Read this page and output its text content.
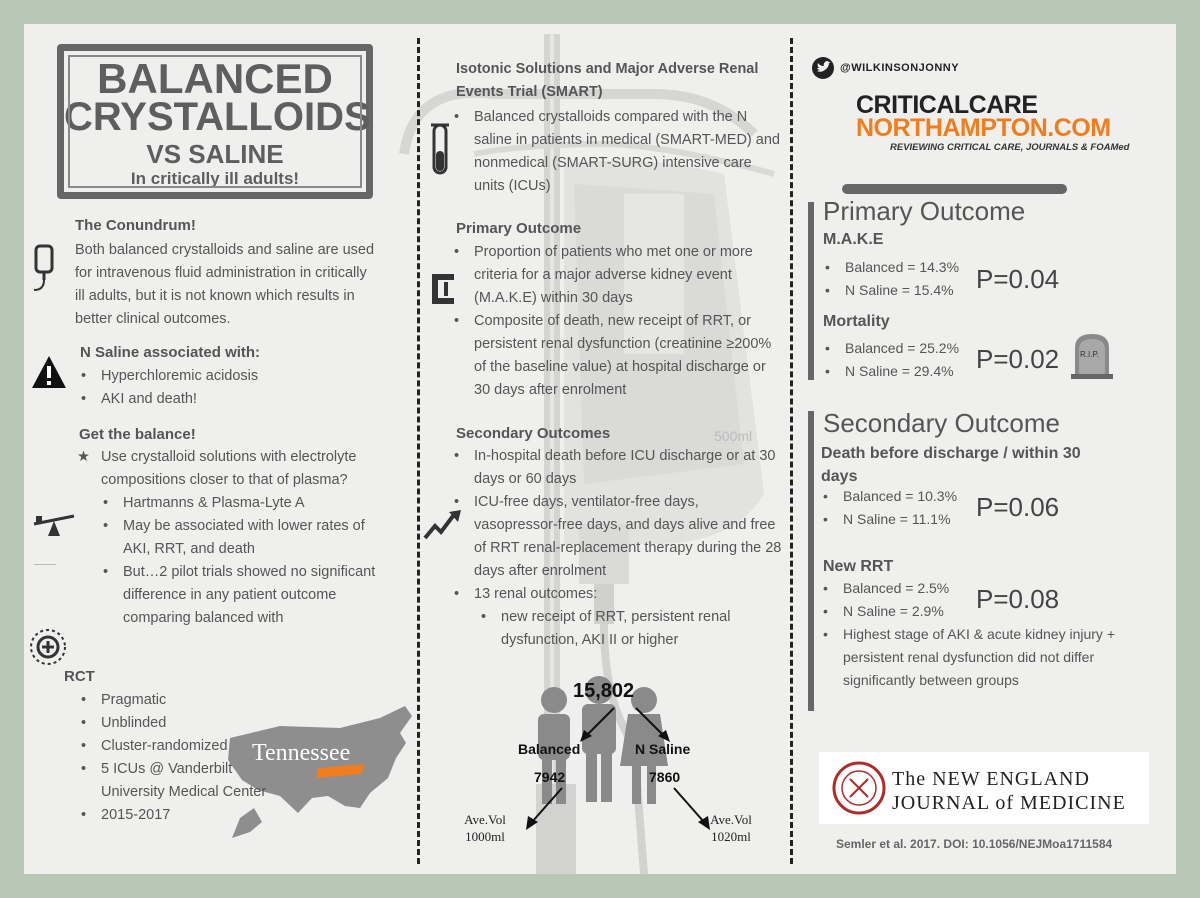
500ml
BALANCED
CRYSTALLOIDS
VS SALINE
In critically ill adults!
The Conundrum!
Both balanced crystalloids and saline are used for intravenous fluid administration in critically ill adults, but it is not known which results in better clinical outcomes.
N Saline associated with:
• Hyperchloremic acidosis
• AKI and death!
Get the balance!
★ Use crystalloid solutions with electrolyte compositions closer to that of plasma?
• Hartmanns & Plasma-Lyte A
• May be associated with lower rates of AKI, RRT, and death
• But…2 pilot trials showed no significant difference in any patient outcome comparing balanced with
RCT
Tennessee
• Pragmatic
• Unblinded
• Cluster-randomized
• 5 ICUs @ Vanderbilt University Medical Center
• 2015-2017
Isotonic Solutions and Major Adverse Renal Events Trial (SMART)
• Balanced crystalloids compared with the N saline in patients in medical (SMART-MED) and nonmedical (SMART-SURG) intensive care units (ICUs)
Primary Outcome
• Proportion of patients who met one or more criteria for a major adverse kidney event (M.A.K.E) within 30 days
• Composite of death, new receipt of RRT, or persistent renal dysfunction (creatinine ≥200% of the baseline value) at hospital discharge or 30 days after enrolment
Secondary Outcomes
• In-hospital death before ICU discharge or at 30 days or 60 days
• ICU-free days, ventilator-free days, vasopressor-free days, and days alive and free of RRT renal-replacement therapy during the 28 days after enrolment
• 13 renal outcomes:
• new receipt of RRT, persistent renal dysfunction, AKI II or higher
15,802
Balanced
7942
N Saline
7860
Ave.Vol
1000ml
Ave.Vol
1020ml
@WILKINSONJONNY
CRITICALCARE
NORTHAMPTON.COM
REVIEWING CRITICAL CARE, JOURNALS & FOAMed
Primary Outcome
M.A.K.E
• Balanced = 14.3%
• N Saline = 15.4% P=0.04
Mortality
• Balanced = 25.2%
• N Saline = 29.4% P=0.02	R.I.P.
Secondary Outcome
Death before discharge / within 30 days
• Balanced = 10.3%
• N Saline = 11.1% P=0.06
New RRT
• Balanced = 2.5%
• N Saline = 2.9%
• Highest stage of AKI & acute kidney injury + persistent renal dysfunction did not differ significantly between groups
P=0.08
The NEW ENGLAND
JOURNAL of MEDICINE
Semler et al. 2017. DOI: 10.1056/NEJMoa1711584
